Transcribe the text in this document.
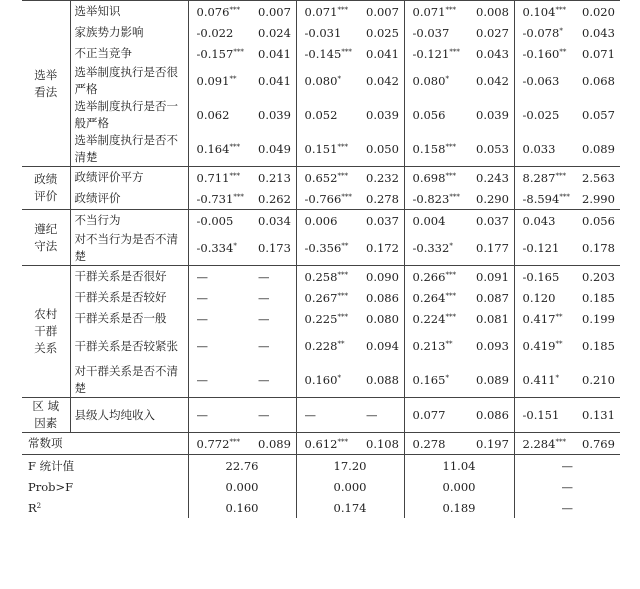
选举
看法	选举知识	0.076***	0.007	0.071***	0.007	0.071***	0.008	0.104***	0.020
	家族势力影响	-0.022	0.024	-0.031	0.025	-0.037	0.027	-0.078*	0.043
	不正当竞争	-0.157***	0.041	-0.145***	0.041	-0.121***	0.043	-0.160**	0.071
	选举制度执行是否很严格	0.091**	0.041	0.080*	0.042	0.080*	0.042	-0.063	0.068
	选举制度执行是否一般严格	0.062	0.039	0.052	0.039	0.056	0.039	-0.025	0.057
	选举制度执行是否不清楚	0.164***	0.049	0.151***	0.050	0.158***	0.053	0.033	0.089

政绩
评价	政绩评价平方	0.711***	0.213	0.652***	0.232	0.698***	0.243	8.287***	2.563
	政绩评价	-0.731***	0.262	-0.766***	0.278	-0.823***	0.290	-8.594***	2.990

遵纪
守法	不当行为	-0.005	0.034	0.006	0.037	0.004	0.037	0.043	0.056
	对不当行为是否不清楚	-0.334*	0.173	-0.356**	0.172	-0.332*	0.177	-0.121	0.178

农村
干群
关系	干群关系是否很好	—	—	0.258***	0.090	0.266***	0.091	-0.165	0.203
	干群关系是否较好	—	—	0.267***	0.086	0.264***	0.087	0.120	0.185
	干群关系是否一般	—	—	0.225***	0.080	0.224***	0.081	0.417**	0.199
	干群关系是否较紧张	—	—	0.228**	0.094	0.213**	0.093	0.419**	0.185
	对干群关系是否不清楚	—	—	0.160*	0.088	0.165*	0.089	0.411*	0.210

区 域
因素	县级人均纯收入	—	—	—	—	0.077	0.086	-0.151	0.131
常数项		0.772***	0.089	0.612***	0.108	0.278	0.197	2.284***	0.769
F 统计值		22.76		17.20		11.04		—	
Prob>F		0.000		0.000		0.000		—	
$R^2$		0.160		0.174		0.189		—	
